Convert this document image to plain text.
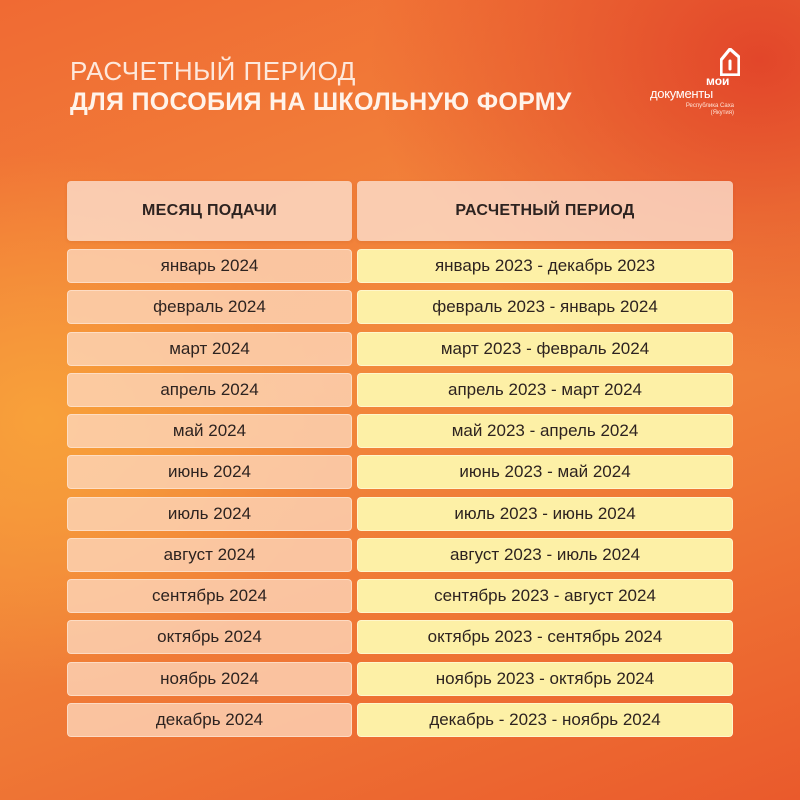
РАСЧЕТНЫЙ ПЕРИОД
ДЛЯ ПОСОБИЯ НА ШКОЛЬНУЮ ФОРМУ
мои
документы
Республика Саха (Якутия)
МЕСЯЦ ПОДАЧИ	РАСЧЕТНЫЙ ПЕРИОД
январь 2024	январь 2023 - декабрь 2023
февраль 2024	февраль 2023 - январь 2024
март 2024	март 2023 - февраль 2024
апрель 2024	апрель 2023 - март 2024
май 2024	май 2023 - апрель 2024
июнь 2024	июнь 2023 - май 2024
июль 2024	июль 2023 - июнь 2024
август 2024	август 2023 - июль 2024
сентябрь 2024	сентябрь 2023 - август 2024
октябрь 2024	октябрь 2023 - сентябрь 2024
ноябрь 2024	ноябрь 2023 - октябрь 2024
декабрь 2024	декабрь - 2023 - ноябрь 2024
